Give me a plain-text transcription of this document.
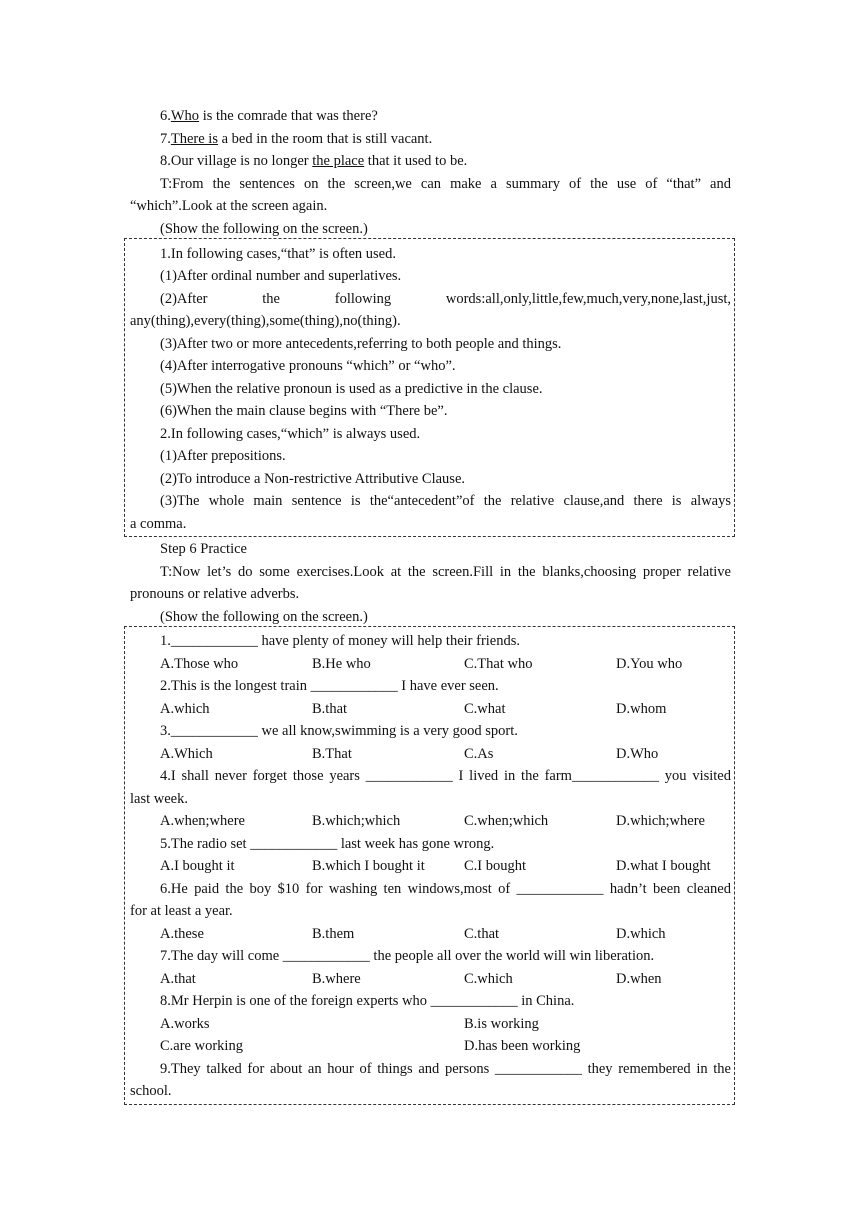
6.Who is the comrade that was there?
7.There is a bed in the room that is still vacant.
8.Our village is no longer the place that it used to be.
T:From the sentences on the screen,we can make a summary of the use of “that” and
“which”.Look at the screen again.
(Show the following on the screen.)
1.In following cases,“that” is often used.
(1)After ordinal number and superlatives.
(2)After the following words:all,only,little,few,much,very,none,last,just,
any(thing),every(thing),some(thing),no(thing).
(3)After two or more antecedents,referring to both people and things.
(4)After interrogative pronouns “which” or “who”.
(5)When the relative pronoun is used as a predictive in the clause.
(6)When the main clause begins with “There be”.
2.In following cases,“which” is always used.
(1)After prepositions.
(2)To introduce a Non-restrictive Attributive Clause.
(3)The whole main sentence is the“antecedent”of the relative clause,and there is always
a comma.
Step 6 Practice
T:Now let’s do some exercises.Look at the screen.Fill in the blanks,choosing proper relative
pronouns or relative adverbs.
(Show the following on the screen.)
1.____________ have plenty of money will help their friends.
A.Those who	B.He who	C.That who	D.You who
2.This is the longest train ____________ I have ever seen.
A.which	B.that	C.what	D.whom
3.____________ we all know,swimming is a very good sport.
A.Which	B.That	C.As	D.Who
4.I shall never forget those years ____________ I lived in the farm____________ you visited
last week.
A.when;where	B.which;which	C.when;which	D.which;where
5.The radio set ____________ last week has gone wrong.
A.I bought it	B.which I bought it	C.I bought	D.what I bought
6.He paid the boy $10 for washing ten windows,most of ____________ hadn’t been cleaned
for at least a year.
A.these	B.them	C.that	D.which
7.The day will come ____________ the people all over the world will win liberation.
A.that	B.where	C.which	D.when
8.Mr Herpin is one of the foreign experts who ____________ in China.
A.works	B.is working
C.are working	D.has been working
9.They talked for about an hour of things and persons ____________ they remembered in the
school.
